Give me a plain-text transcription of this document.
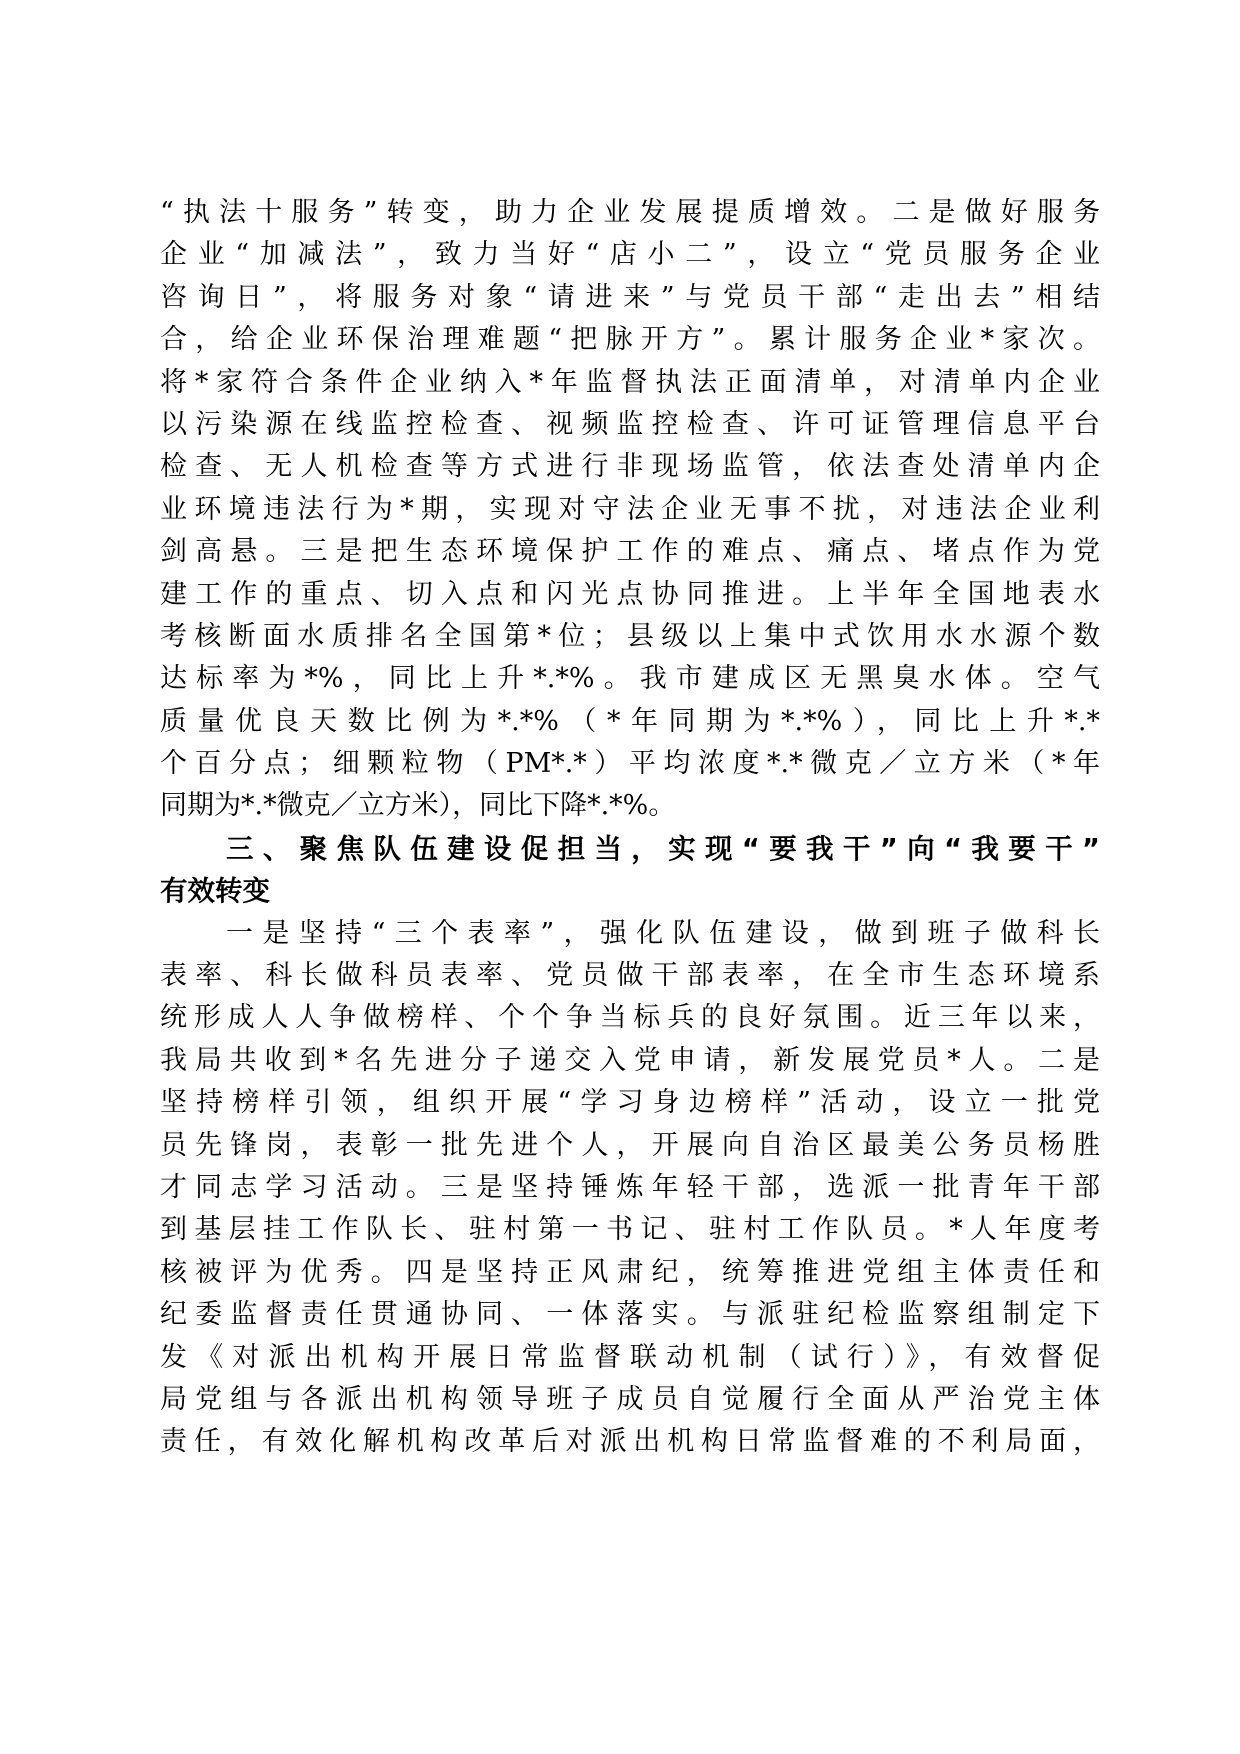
“执法十服务”转变，助力企业发展提质增效。二是做好服务
企业“加减法”，致力当好“店小二”，设立“党员服务企业
咨询日”，将服务对象“请进来”与党员干部“走出去”相结
合，给企业环保治理难题“把脉开方”。累计服务企业*家次。
将*家符合条件企业纳入*年监督执法正面清单，对清单内企业
以污染源在线监控检查、视频监控检查、许可证管理信息平台
检查、无人机检查等方式进行非现场监管，依法查处清单内企
业环境违法行为*期，实现对守法企业无事不扰，对违法企业利
剑高悬。三是把生态环境保护工作的难点、痛点、堵点作为党
建工作的重点、切入点和闪光点协同推进。上半年全国地表水
考核断面水质排名全国第*位；县级以上集中式饮用水水源个数
达标率为*%，同比上升*.*%。我市建成区无黑臭水体。空气
质量优良天数比例为*.*%（*年同期为*.*%），同比上升*.*
个百分点；细颗粒物（PM*.*）平均浓度*.*微克／立方米（*年
同期为*.*微克／立方米），同比下降*.*%。
三、聚焦队伍建设促担当，实现“要我干”向“我要干”
有效转变
一是坚持“三个表率”，强化队伍建设，做到班子做科长
表率、科长做科员表率、党员做干部表率，在全市生态环境系
统形成人人争做榜样、个个争当标兵的良好氛围。近三年以来，
我局共收到*名先进分子递交入党申请，新发展党员*人。二是
坚持榜样引领，组织开展“学习身边榜样”活动，设立一批党
员先锋岗，表彰一批先进个人，开展向自治区最美公务员杨胜
才同志学习活动。三是坚持锤炼年轻干部，选派一批青年干部
到基层挂工作队长、驻村第一书记、驻村工作队员。*人年度考
核被评为优秀。四是坚持正风肃纪，统筹推进党组主体责任和
纪委监督责任贯通协同、一体落实。与派驻纪检监察组制定下
发《对派出机构开展日常监督联动机制（试行）》，有效督促
局党组与各派出机构领导班子成员自觉履行全面从严治党主体
责任，有效化解机构改革后对派出机构日常监督难的不利局面，
